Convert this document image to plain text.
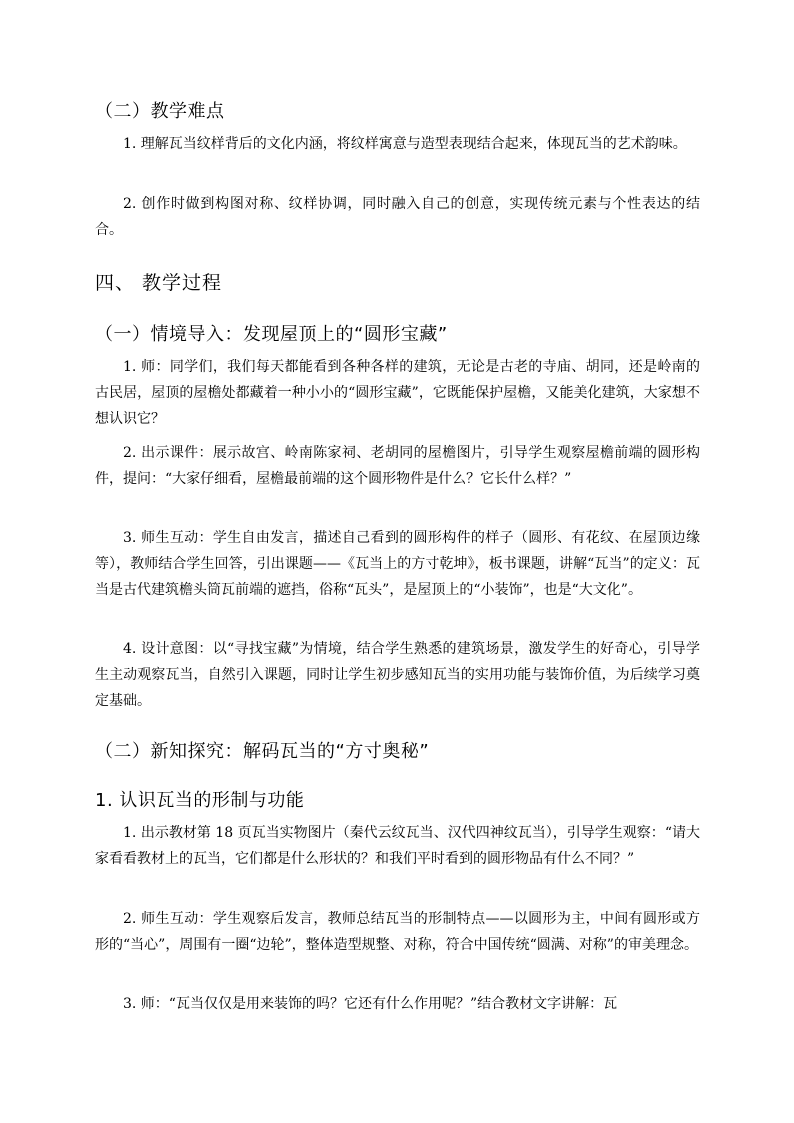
（二）教学难点

1. 理解瓦当纹样背后的文化内涵，将纹样寓意与造型表现结合起来，体现瓦当的艺术韵味。

2. 创作时做到构图对称、纹样协调，同时融入自己的创意，实现传统元素与个性表达的结合。

四、 教学过程
（一）情境导入：发现屋顶上的“圆形宝藏”

1. 师：同学们，我们每天都能看到各种各样的建筑，无论是古老的寺庙、胡同，还是岭南的古民居，屋顶的屋檐处都藏着一种小小的“圆形宝藏”，它既能保护屋檐，又能美化建筑，大家想不想认识它？

2. 出示课件：展示故宫、岭南陈家祠、老胡同的屋檐图片，引导学生观察屋檐前端的圆形构件，提问：“大家仔细看，屋檐最前端的这个圆形物件是什么？它长什么样？”

3. 师生互动：学生自由发言，描述自己看到的圆形构件的样子（圆形、有花纹、在屋顶边缘等），教师结合学生回答，引出课题——《瓦当上的方寸乾坤》，板书课题，讲解“瓦当”的定义：瓦当是古代建筑檐头筒瓦前端的遮挡，俗称“瓦头”，是屋顶上的“小装饰”，也是“大文化”。

4. 设计意图：以“寻找宝藏”为情境，结合学生熟悉的建筑场景，激发学生的好奇心，引导学生主动观察瓦当，自然引入课题，同时让学生初步感知瓦当的实用功能与装饰价值，为后续学习奠定基础。

（二）新知探究：解码瓦当的“方寸奥秘”
1. 认识瓦当的形制与功能

1. 出示教材第 18 页瓦当实物图片（秦代云纹瓦当、汉代四神纹瓦当），引导学生观察：“请大家看看教材上的瓦当，它们都是什么形状的？和我们平时看到的圆形物品有什么不同？”

2. 师生互动：学生观察后发言，教师总结瓦当的形制特点——以圆形为主，中间有圆形或方形的“当心”，周围有一圈“边轮”，整体造型规整、对称，符合中国传统“圆满、对称”的审美理念。

3. 师：“瓦当仅仅是用来装饰的吗？它还有什么作用呢？”结合教材文字讲解：瓦
